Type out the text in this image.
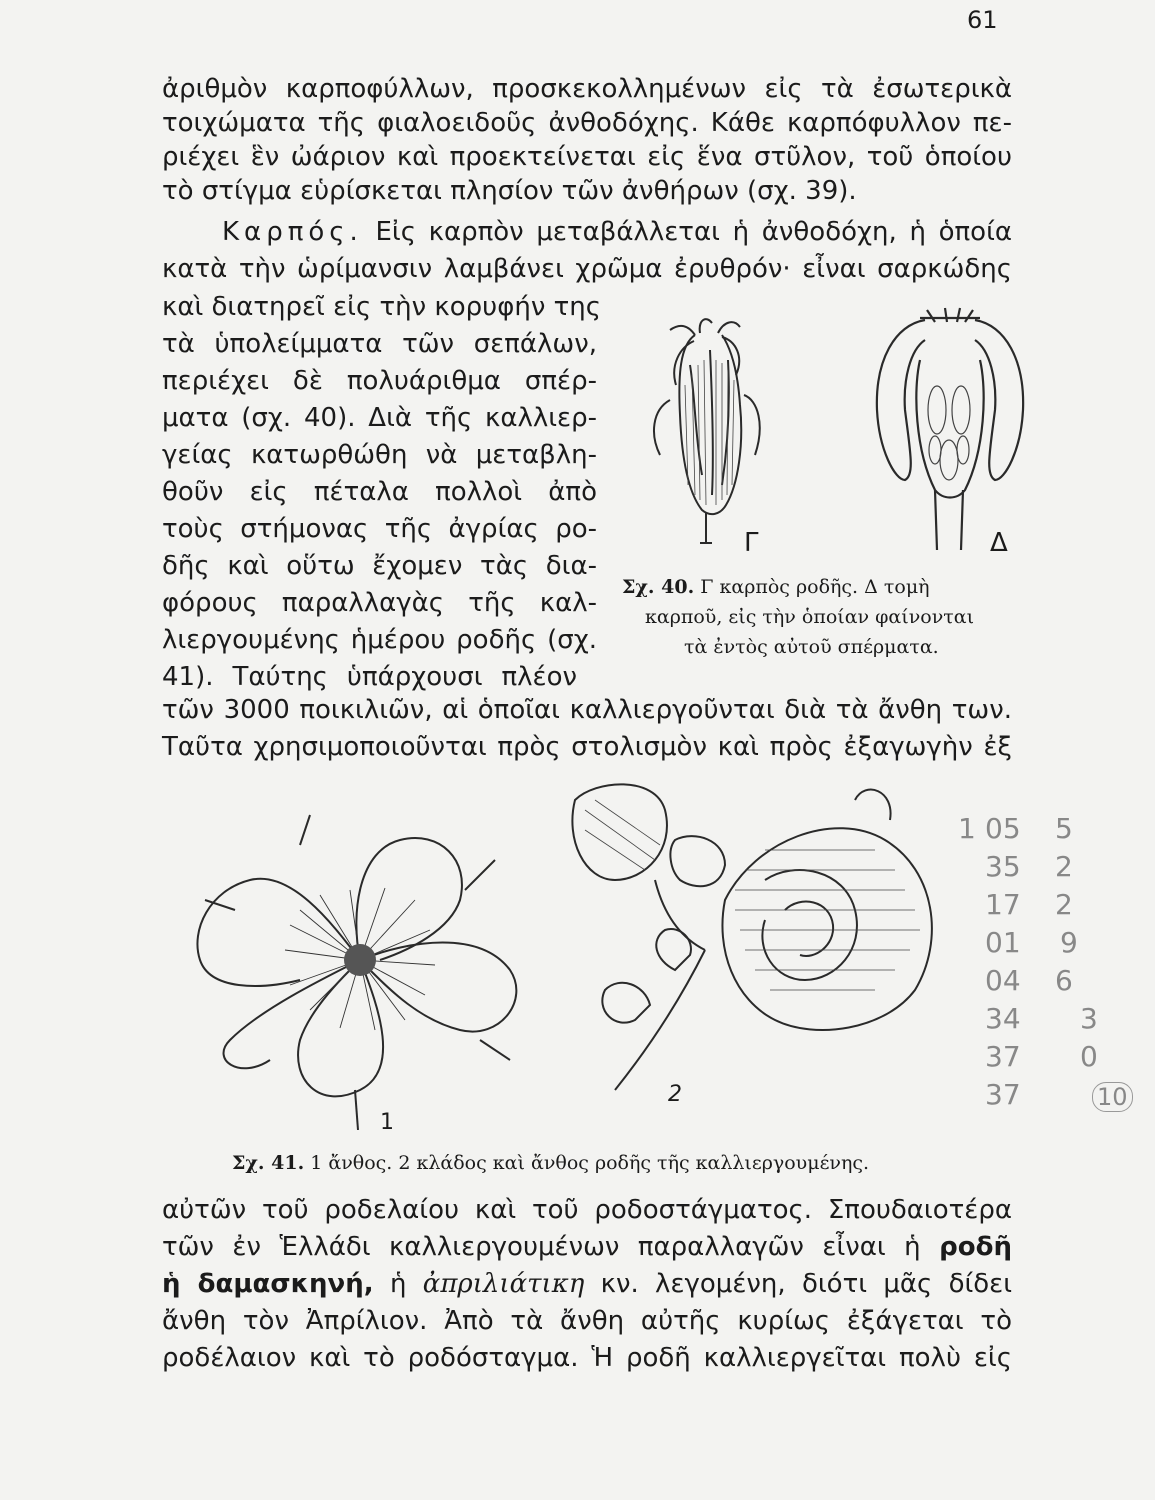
61
ἀριθμὸν καρποφύλλων, προσκεκολλημένων εἰς τὰ ἐσωτερικὰ
τοιχώματα τῆς φιαλοειδοῦς ἀνθοδόχης. Κάθε καρπόφυλλον πε-
ριέχει ἓν ὠάριον καὶ προεκτείνεται εἰς ἕνα στῦλον, τοῦ ὁποίου
τὸ στίγμα εὑρίσκεται πλησίον τῶν ἀνθήρων (σχ. 39).
Καρπός. Εἰς καρπὸν μεταβάλλεται ἡ ἀνθοδόχη, ἡ ὁποία
κατὰ τὴν ὡρίμανσιν λαμβάνει χρῶμα ἐρυθρόν· εἶναι σαρκώδης
καὶ διατηρεῖ εἰς τὴν κορυφήν της
τὰ ὑπολείμματα τῶν σεπάλων,
περιέχει δὲ πολυάριθμα σπέρ-
ματα (σχ. 40). Διὰ τῆς καλλιερ-
γείας κατωρθώθη νὰ μεταβλη-
θοῦν εἰς πέταλα πολλοὶ ἀπὸ
τοὺς στήμονας τῆς ἀγρίας ρο-
δῆς καὶ οὕτω ἔχομεν τὰς δια-
φόρους παραλλαγὰς τῆς καλ-
λιεργουμένης ἡμέρου ροδῆς (σχ.
41). Ταύτης ὑπάρχουσι πλέον
τῶν 3000 ποικιλιῶν, αἱ ὁποῖαι καλλιεργοῦνται διὰ τὰ ἄνθη των.
Ταῦτα χρησιμοποιοῦνται πρὸς στολισμὸν καὶ πρὸς ἐξαγωγὴν ἐξ
Γ	Δ
Σχ. 40. Γ καρπὸς ροδῆς. Δ τομὴ
καρποῦ, εἰς τὴν ὁποίαν φαίνονται
τὰ ἐντὸς αὐτοῦ σπέρματα.
1
2
Σχ. 41. 1 ἄνθος. 2 κλάδος καὶ ἄνθος ροδῆς τῆς καλλιεργουμένης.
αὐτῶν τοῦ ροδελαίου καὶ τοῦ ροδοστάγματος. Σπουδαιοτέρα
τῶν ἐν Ἑλλάδι καλλιεργουμένων παραλλαγῶν εἶναι ἡ ροδῆ
ἡ δαμασκηνή, ἡ ἀπριλιάτικη κν. λεγομένη, διότι μᾶς δίδει
ἄνθη τὸν Ἀπρίλιον. Ἀπὸ τὰ ἄνθη αὐτῆς κυρίως ἐξάγεται τὸ
ροδέλαιον καὶ τὸ ροδόσταγμα. Ἡ ροδῆ καλλιεργεῖται πολὺ εἰς
1 05 5
35 2
17 2
01 9
04 6
34 3
37 0
37	10
